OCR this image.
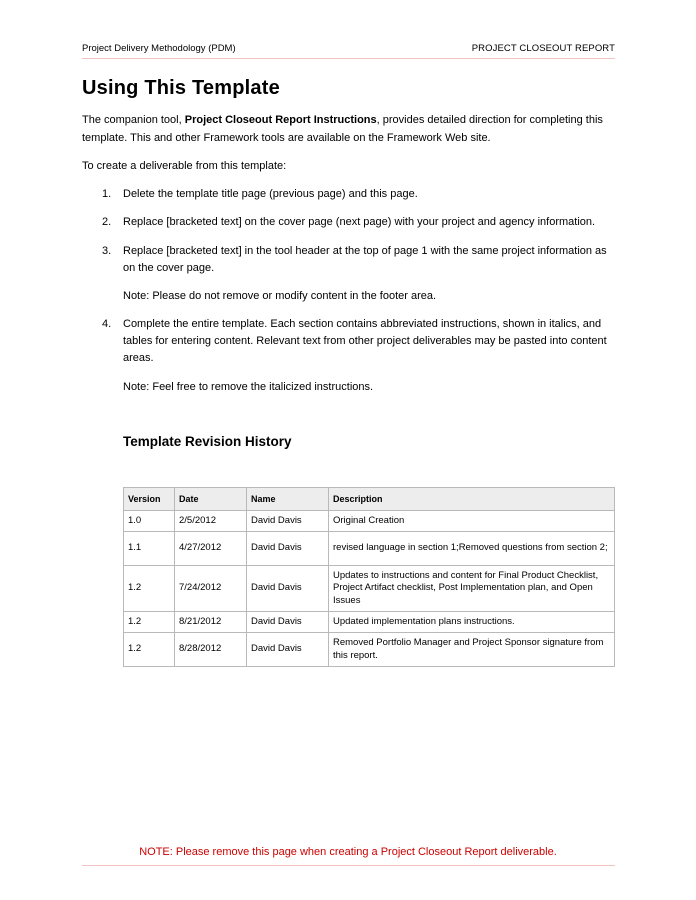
Project Delivery Methodology (PDM)	PROJECT CLOSEOUT REPORT
Using This Template

The companion tool, Project Closeout Report Instructions, provides detailed direction for completing this template. This and other Framework tools are available on the Framework Web site.

To create a deliverable from this template:

1. Delete the template title page (previous page) and this page.
2. Replace [bracketed text] on the cover page (next page) with your project and agency information.
3. Replace [bracketed text] in the tool header at the top of page 1 with the same project information as on the cover page.
Note: Please do not remove or modify content in the footer area.
4. Complete the entire template. Each section contains abbreviated instructions, shown in italics, and tables for entering content. Relevant text from other project deliverables may be pasted into content areas.
Note: Feel free to remove the italicized instructions.
Template Revision History
Version	Date	Name	Description
1.0	2/5/2012	David Davis	Original Creation
1.1	4/27/2012	David Davis	revised language in section 1;Removed questions from section 2;
1.2	7/24/2012	David Davis	Updates to instructions and content for Final Product Checklist, Project Artifact checklist, Post Implementation plan, and Open Issues
1.2	8/21/2012	David Davis	Updated implementation plans instructions.
1.2	8/28/2012	David Davis	Removed Portfolio Manager and Project Sponsor signature from this report.
NOTE: Please remove this page when creating a Project Closeout Report deliverable.
